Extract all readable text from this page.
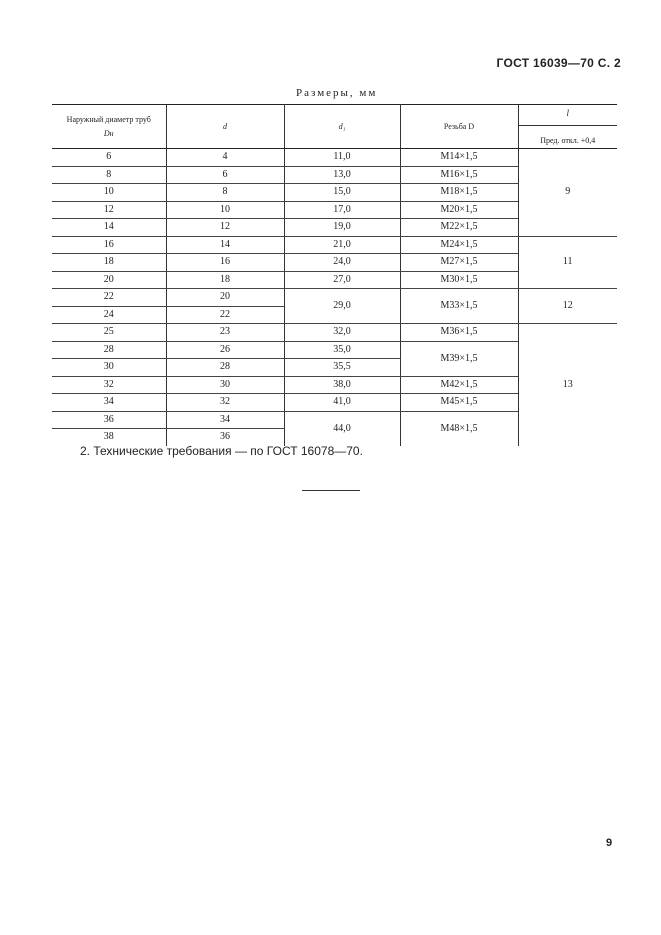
ГОСТ 16039—70 С. 2
Размеры, мм
Наружный диаметр труб
Dн	d	d₁	Резьба D	l
Пред. откл. +0,4

6	4	11,0	М14×1,5	9
8	6	13,0	М16×1,5	
10	8	15,0	М18×1,5	
12	10	17,0	М20×1,5	
14	12	19,0	М22×1,5	
16	14	21,0	М24×1,5	11
18	16	24,0	М27×1,5	
20	18	27,0	М30×1,5	
22	20	29,0	М33×1,5	12
24	22			
25	23	32,0	М36×1,5	13
28	26	35,0	М39×1,5	
30	28	35,5		
32	30	38,0	М42×1,5	
34	32	41,0	М45×1,5	
36	34	44,0	М48×1,5	
38	36			
2. Технические требования — по ГОСТ 16078—70.
9
